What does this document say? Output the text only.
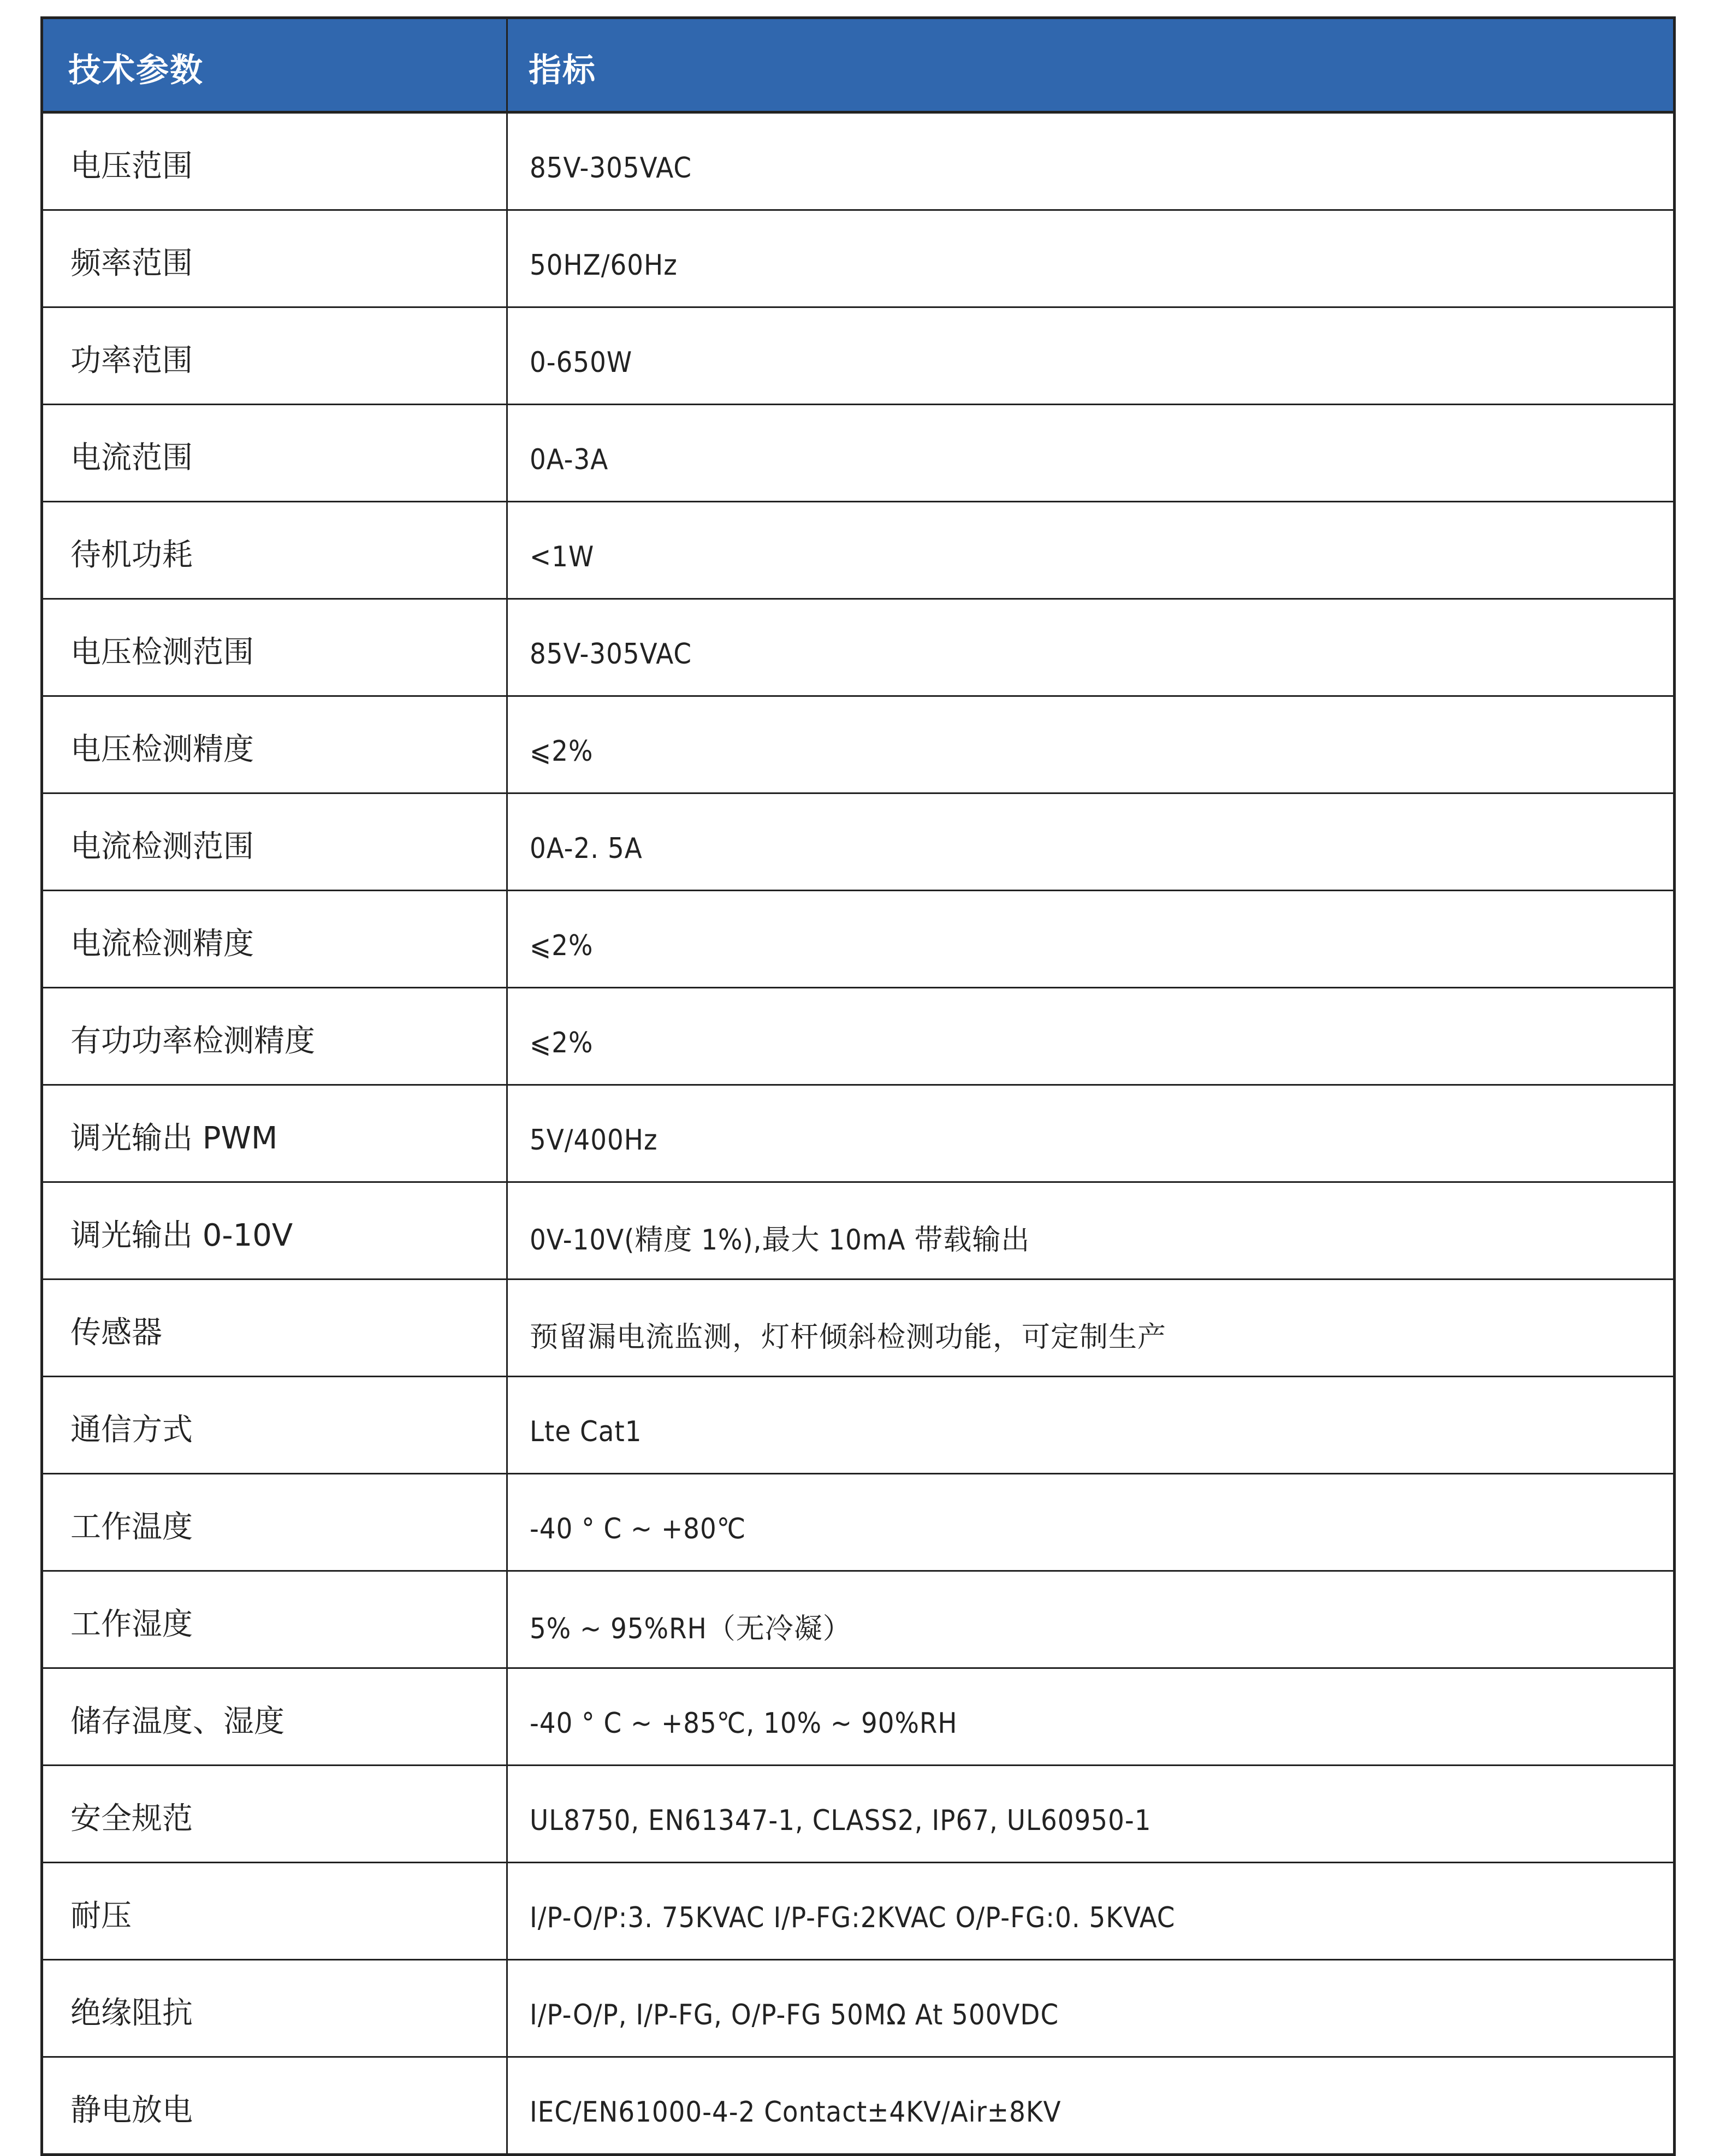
技术参数	指标
电压范围	85V-305VAC
频率范围	50HZ/60Hz
功率范围	0-650W
电流范围	0A-3A
待机功耗	<1W
电压检测范围	85V-305VAC
电压检测精度	⩽2%
电流检测范围	0A-2. 5A
电流检测精度	⩽2%
有功功率检测精度	⩽2%
调光输出 PWM	5V/400Hz
调光输出 0-10V	0V-10V(精度 1%),最大 10mA 带载输出
传感器	预留漏电流监测，灯杆倾斜检测功能，可定制生产
通信方式	Lte Cat1
工作温度	-40 ° C ~ +80℃
工作湿度	5% ~ 95%RH（无冷凝）
储存温度、湿度	-40 ° C ~ +85℃, 10% ~ 90%RH
安全规范	UL8750, EN61347-1, CLASS2, IP67, UL60950-1
耐压	I/P-O/P:3. 75KVAC I/P-FG:2KVAC O/P-FG:0. 5KVAC
绝缘阻抗	I/P-O/P, I/P-FG, O/P-FG 50MΩ At 500VDC
静电放电	IEC/EN61000-4-2 Contact±4KV/Air±8KV
